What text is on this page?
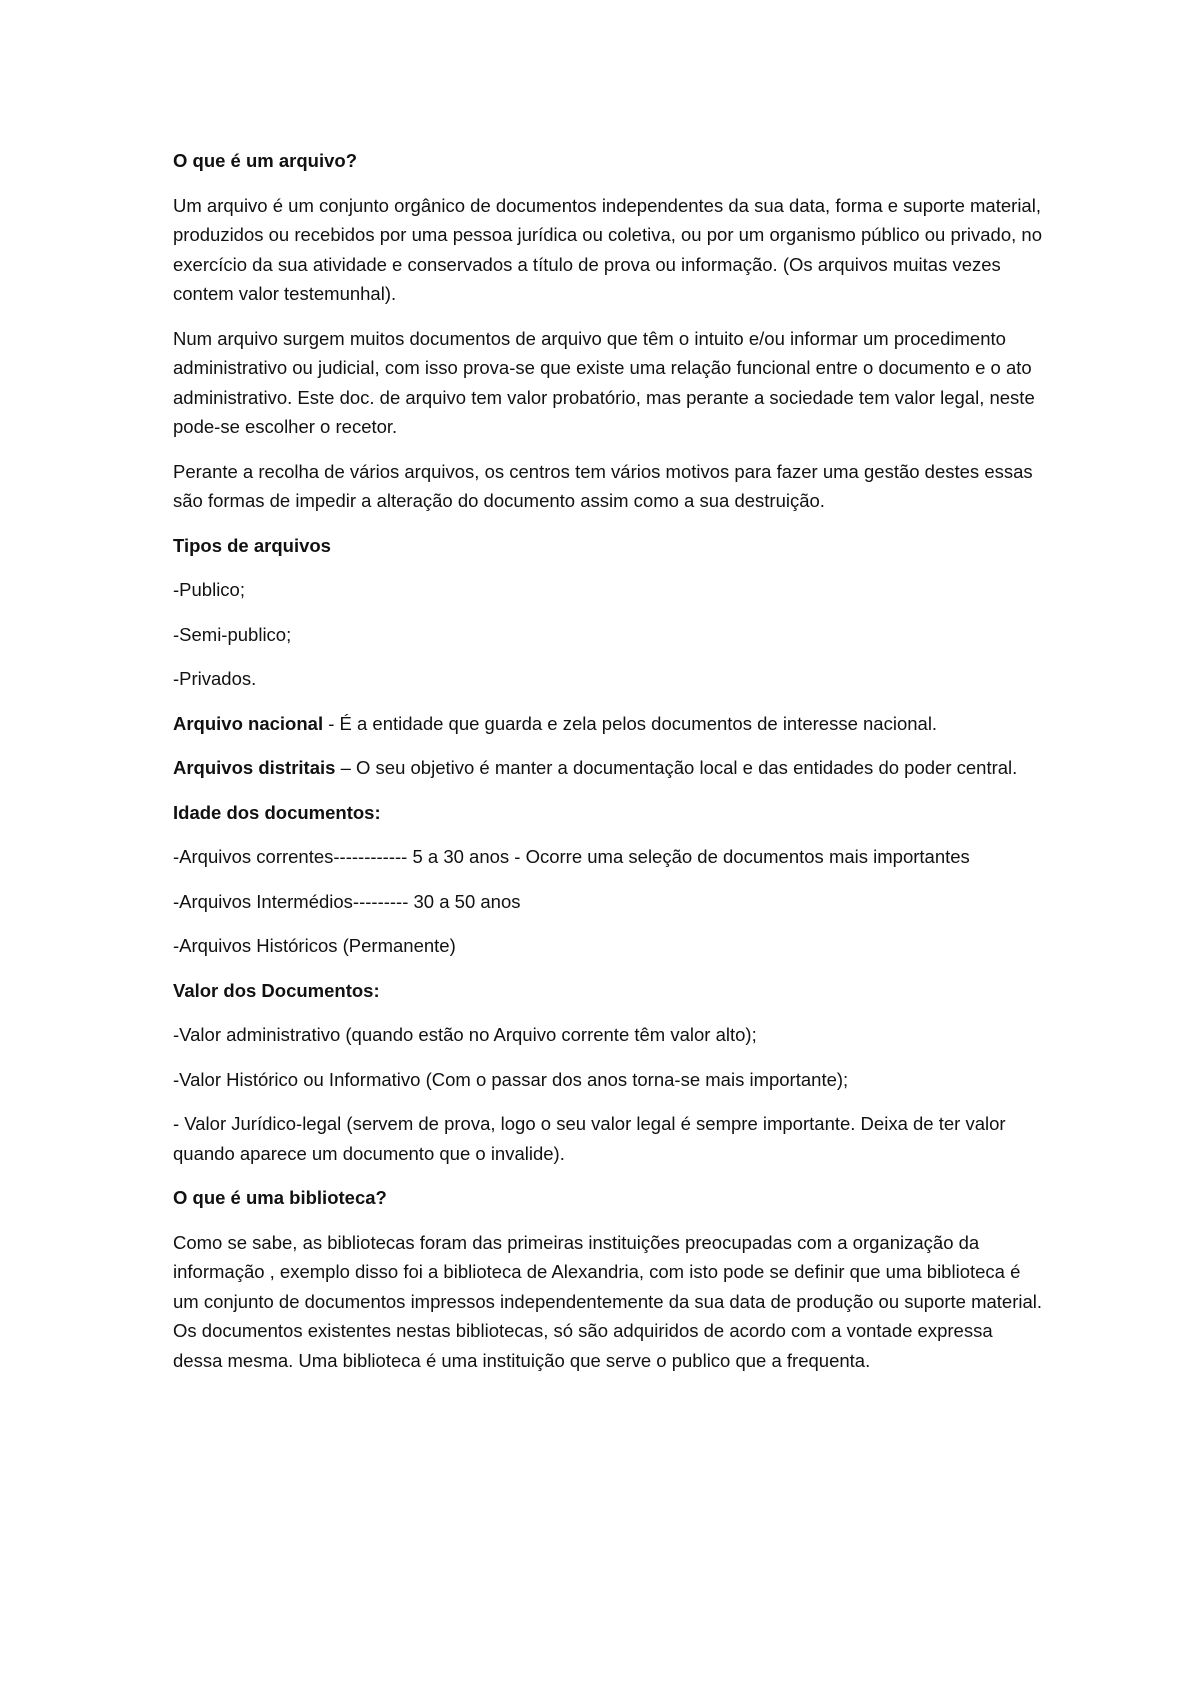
O que é um arquivo?

Um arquivo é um conjunto orgânico de documentos independentes da sua data, forma e suporte material, produzidos ou recebidos por uma pessoa jurídica ou coletiva, ou por um organismo público ou privado, no exercício da sua atividade e conservados a título de prova ou informação. (Os arquivos muitas vezes contem valor testemunhal).

Num arquivo surgem muitos documentos de arquivo que têm o intuito e/ou informar um procedimento administrativo ou judicial, com isso prova-se que existe uma relação funcional entre o documento e o ato administrativo. Este doc. de arquivo tem valor probatório, mas perante a sociedade tem valor legal, neste pode-se escolher o recetor.

Perante a recolha de vários arquivos, os centros tem vários motivos para fazer uma gestão destes essas são formas de impedir a alteração do documento assim como a sua destruição.

Tipos de arquivos

-Publico;

-Semi-publico;

-Privados.

Arquivo nacional - É a entidade que guarda e zela pelos documentos de interesse nacional.

Arquivos distritais – O seu objetivo é manter a documentação local e das entidades do poder central.

Idade dos documentos:

-Arquivos correntes------------ 5 a 30 anos - Ocorre uma seleção de documentos mais importantes

-Arquivos Intermédios--------- 30 a 50 anos

-Arquivos Históricos (Permanente)

Valor dos Documentos:

-Valor administrativo (quando estão no Arquivo corrente têm valor alto);

-Valor Histórico ou Informativo (Com o passar dos anos torna-se mais importante);

- Valor Jurídico-legal (servem de prova, logo o seu valor legal é sempre importante. Deixa de ter valor quando aparece um documento que o invalide).

O que é uma biblioteca?

Como se sabe, as bibliotecas foram das primeiras instituições preocupadas com a organização da informação , exemplo disso foi a biblioteca de Alexandria, com isto pode se definir que uma biblioteca é um conjunto de documentos impressos independentemente da sua data de produção ou suporte material. Os documentos existentes nestas bibliotecas, só são adquiridos de acordo com a vontade expressa dessa mesma. Uma biblioteca é uma instituição que serve o publico que a frequenta.
